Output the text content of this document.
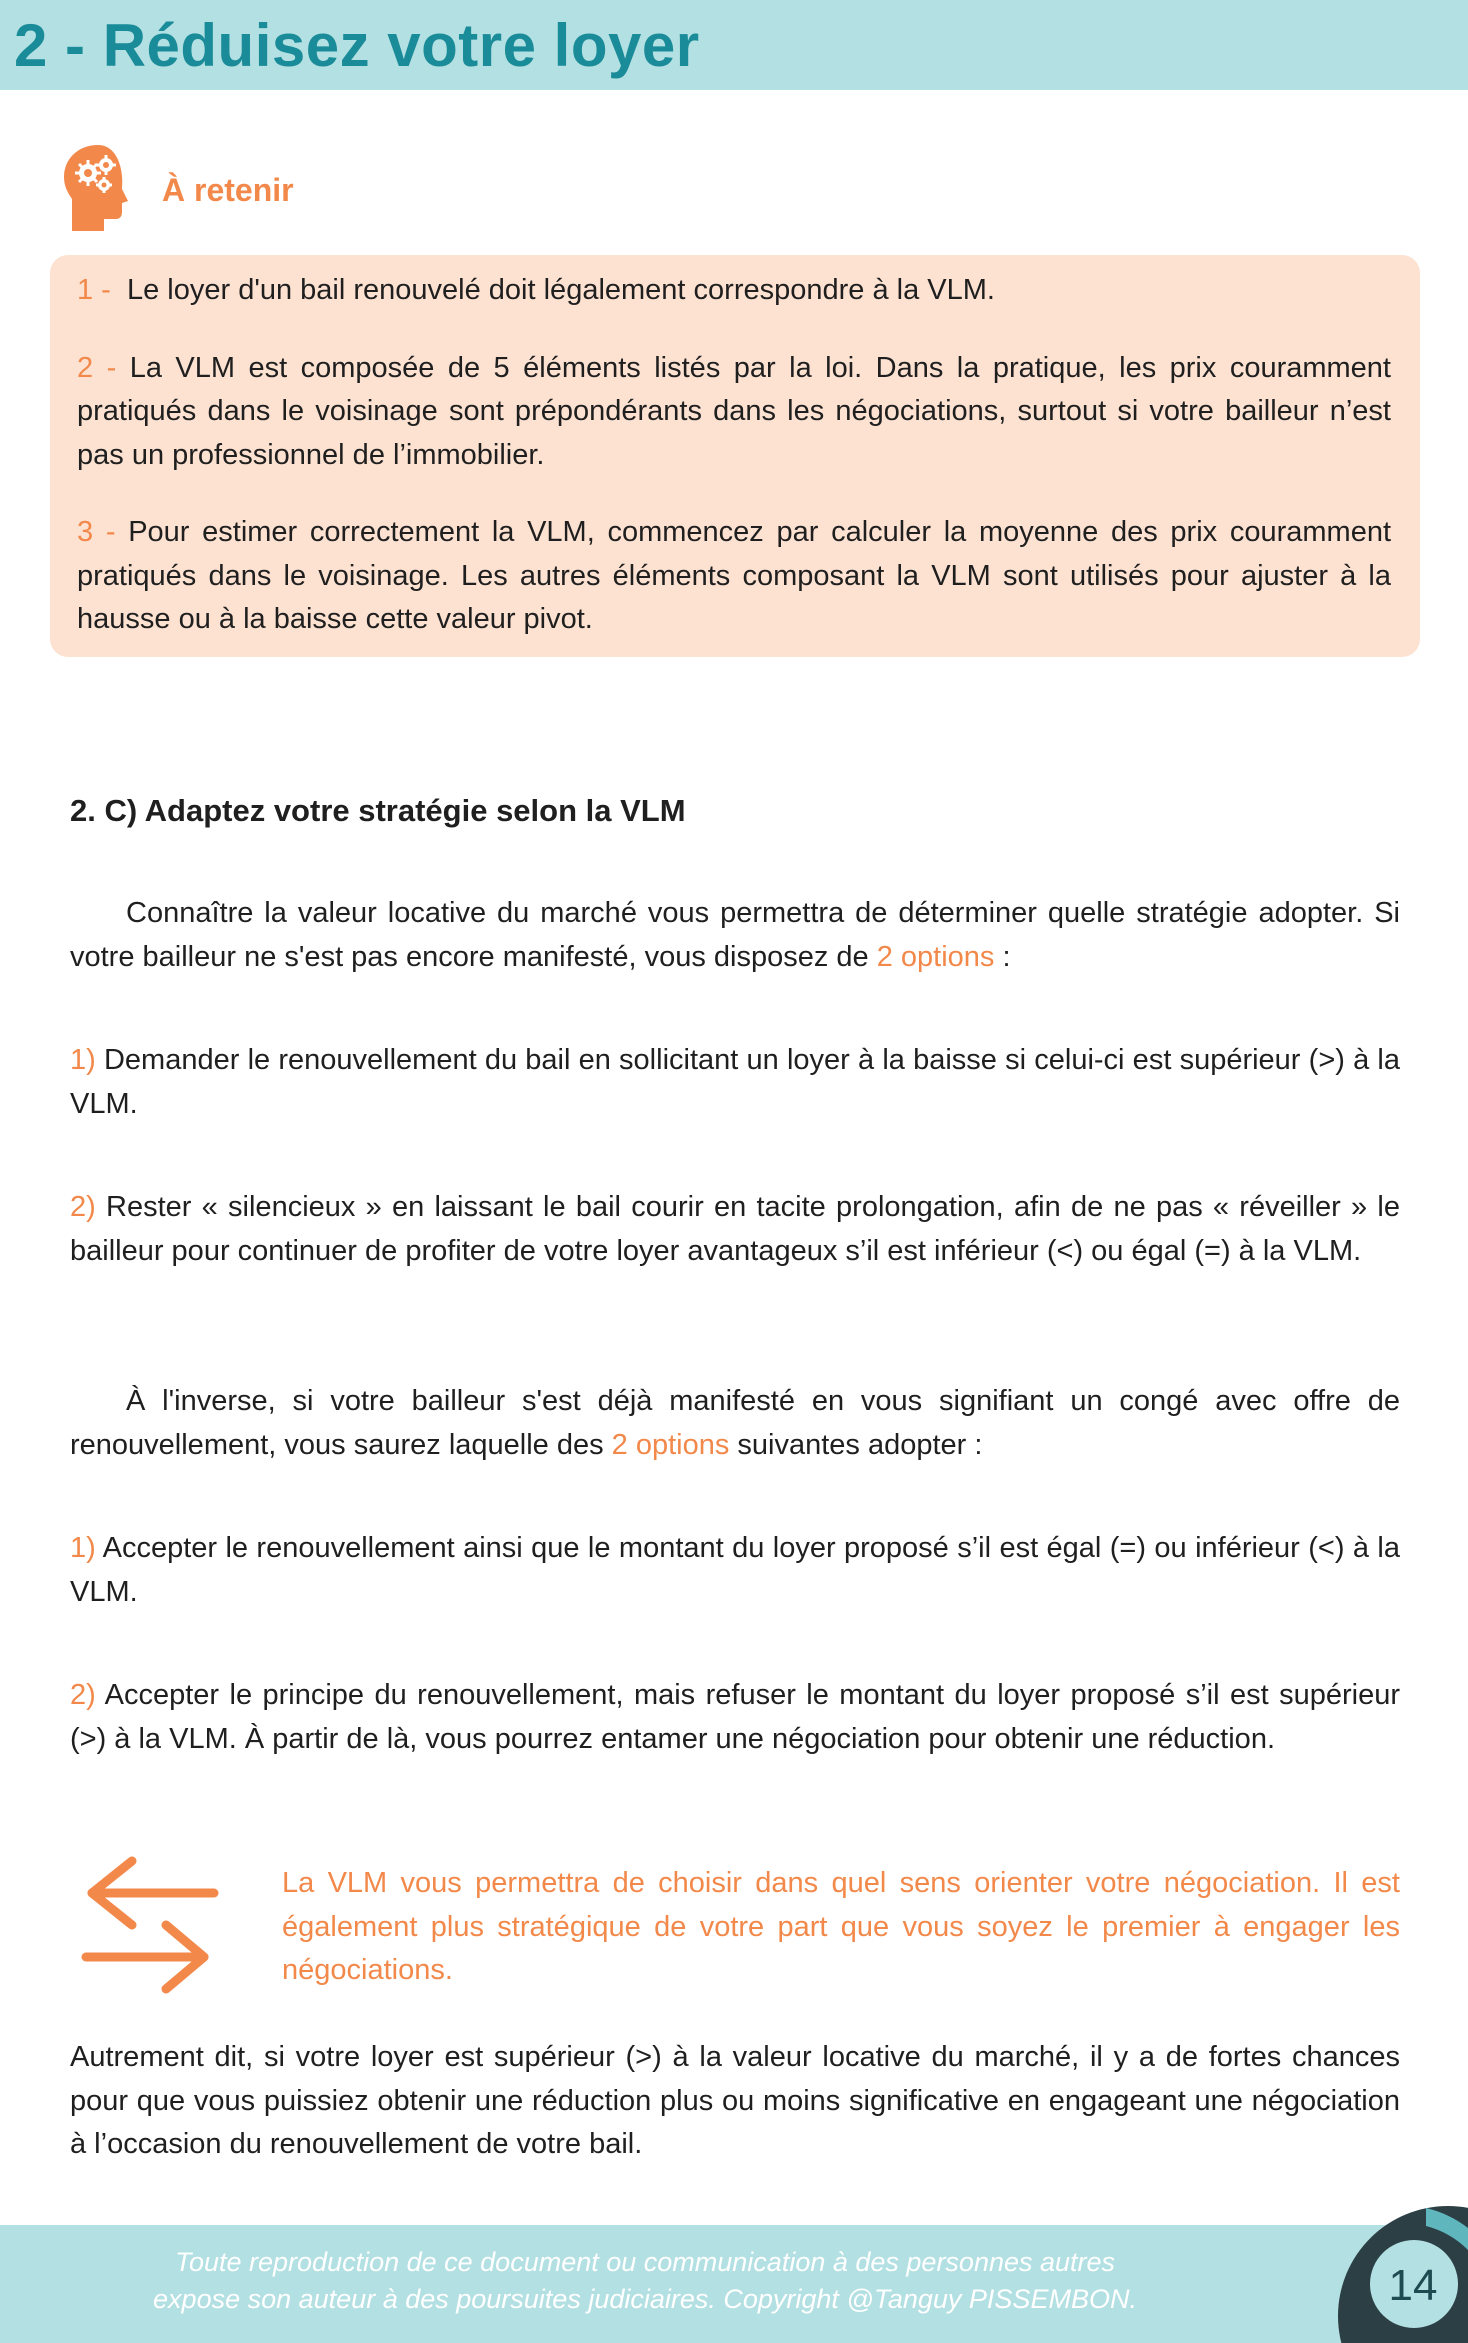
2 - Réduisez votre loyer
À retenir

1 - Le loyer d'un bail renouvelé doit légalement correspondre à la VLM.

2 - La VLM est composée de 5 éléments listés par la loi. Dans la pratique, les prix couramment pratiqués dans le voisinage sont prépondérants dans les négociations, surtout si votre bailleur n’est pas un professionnel de l’immobilier.

3 - Pour estimer correctement la VLM, commencez par calculer la moyenne des prix couramment pratiqués dans le voisinage. Les autres éléments composant la VLM sont utilisés pour ajuster à la hausse ou à la baisse cette valeur pivot.

2. C) Adaptez votre stratégie selon la VLM

Connaître la valeur locative du marché vous permettra de déterminer quelle stratégie adopter. Si votre bailleur ne s'est pas encore manifesté, vous disposez de 2 options :

1) Demander le renouvellement du bail en sollicitant un loyer à la baisse si celui-ci est supérieur (>) à la VLM.

2) Rester « silencieux » en laissant le bail courir en tacite prolongation, afin de ne pas « réveiller » le bailleur pour continuer de profiter de votre loyer avantageux s’il est inférieur (<) ou égal (=) à la VLM.

À l'inverse, si votre bailleur s'est déjà manifesté en vous signifiant un congé avec offre de renouvellement, vous saurez laquelle des 2 options suivantes adopter :

1) Accepter le renouvellement ainsi que le montant du loyer proposé s’il est égal (=) ou inférieur (<) à la VLM.

2) Accepter le principe du renouvellement, mais refuser le montant du loyer proposé s’il est supérieur (>) à la VLM. À partir de là, vous pourrez entamer une négociation pour obtenir une réduction.

La VLM vous permettra de choisir dans quel sens orienter votre négociation. Il est également plus stratégique de votre part que vous soyez le premier à engager les négociations.

Autrement dit, si votre loyer est supérieur (>) à la valeur locative du marché, il y a de fortes chances pour que vous puissiez obtenir une réduction plus ou moins significative en engageant une négociation à l’occasion du renouvellement de votre bail.

Toute reproduction de ce document ou communication à des personnes autres
expose son auteur à des poursuites judiciaires. Copyright @Tanguy PISSEMBON.	14
